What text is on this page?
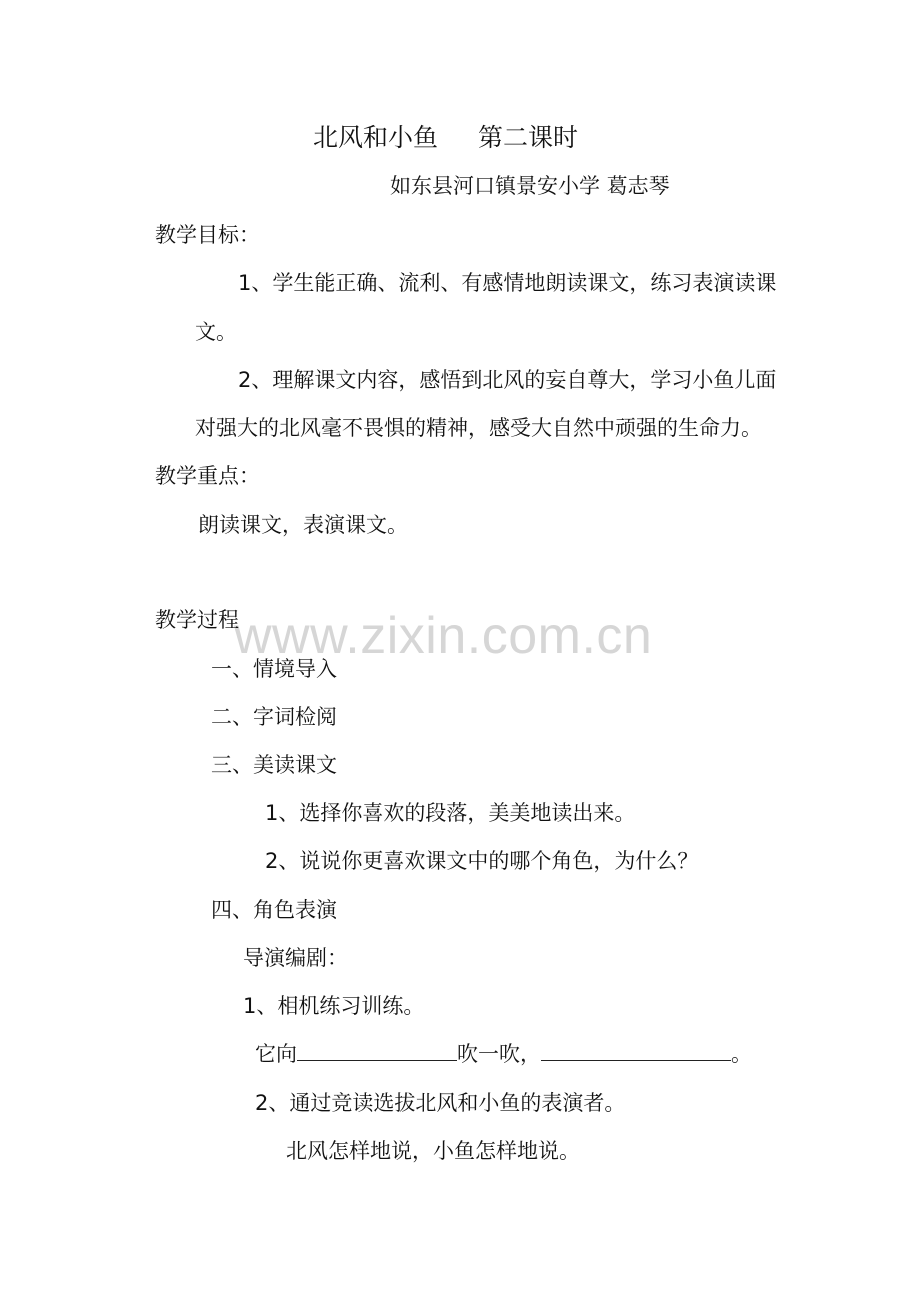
www.zixin.com.cn
北风和小鱼 第二课时
如东县河口镇景安小学 葛志琴
教学目标：
1、学生能正确、流利、有感情地朗读课文，练习表演读课
文。
2、理解课文内容，感悟到北风的妄自尊大，学习小鱼儿面
对强大的北风毫不畏惧的精神，感受大自然中顽强的生命力。
教学重点：
朗读课文，表演课文。
教学过程
一、情境导入
二、字词检阅
三、美读课文
1、选择你喜欢的段落，美美地读出来。
2、说说你更喜欢课文中的哪个角色，为什么？
四、角色表演
导演编剧：
1、相机练习训练。
它向	吹一吹，	。
2、通过竞读选拔北风和小鱼的表演者。
北风怎样地说，小鱼怎样地说。
